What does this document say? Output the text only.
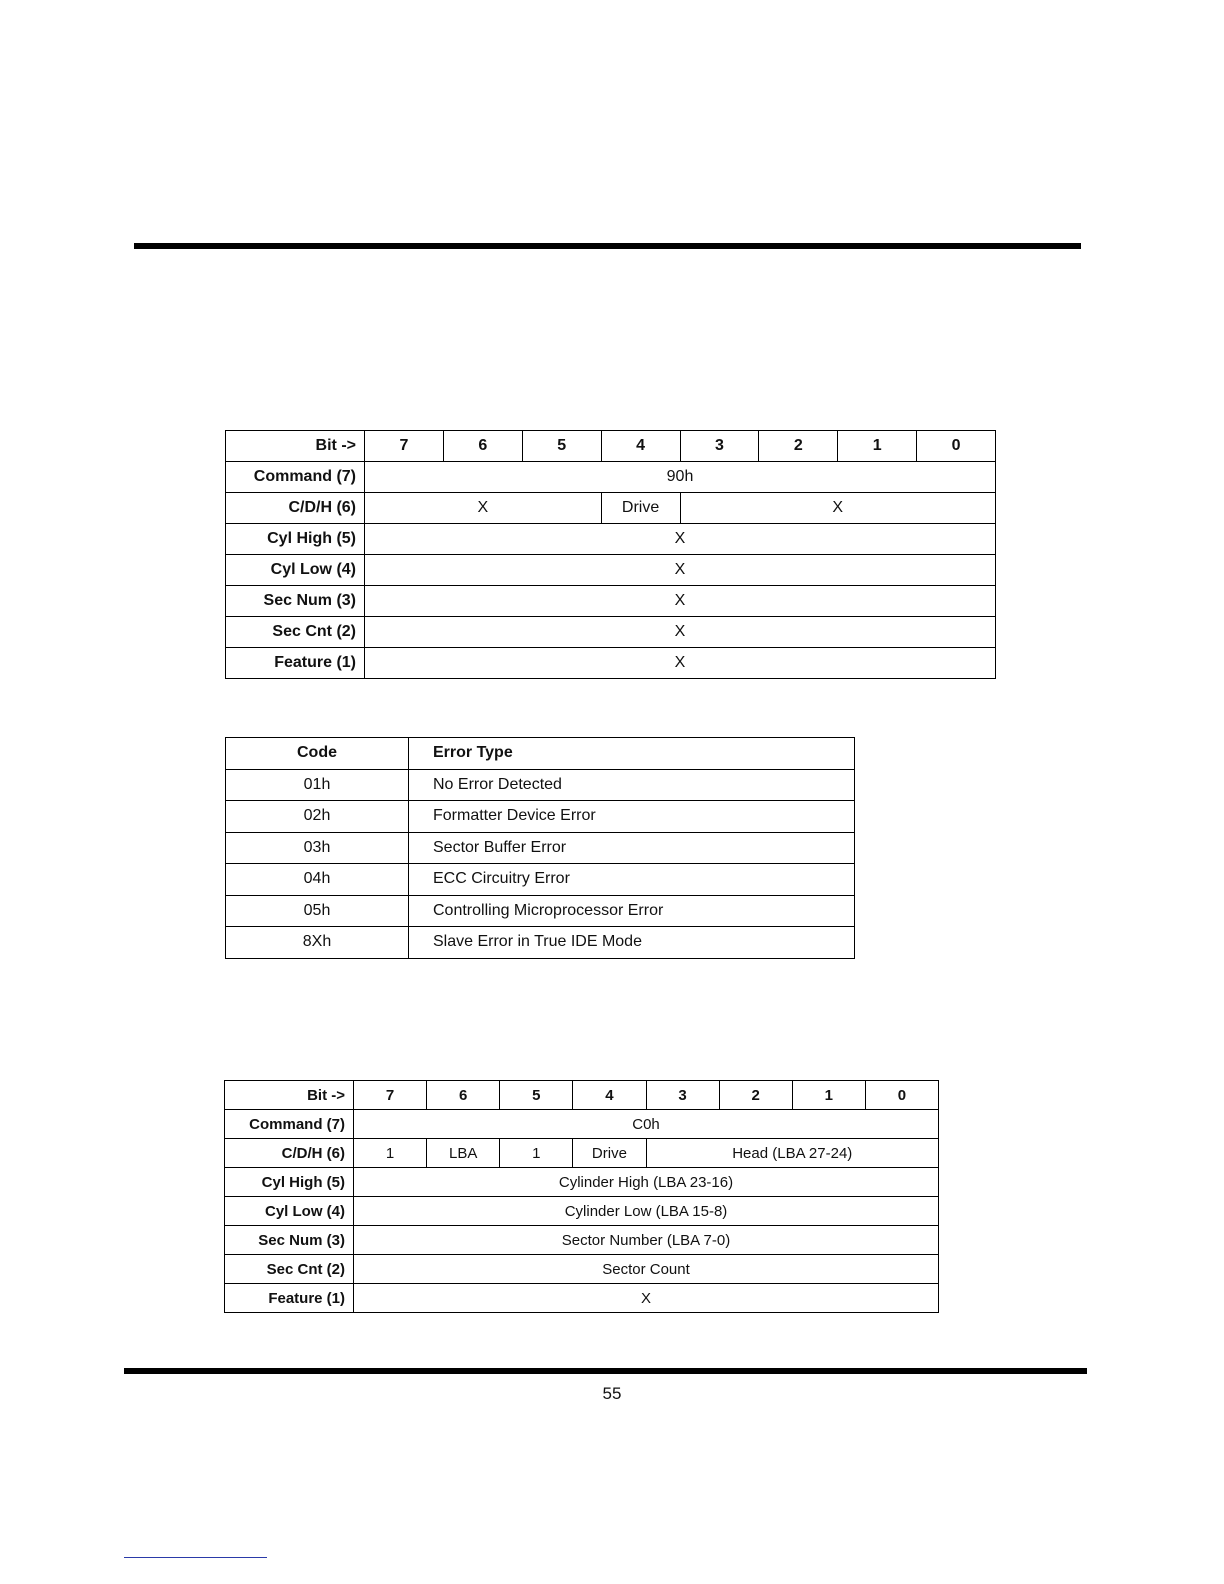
Bit ->	7	6	5	4	3	2	1	0
Command (7)	90h							
C/D/H (6)	X			Drive	X			
Cyl High (5)	X							
Cyl Low (4)	X							
Sec Num (3)	X							
Sec Cnt (2)	X							
Feature (1)	X							
Code	Error Type
01h	No Error Detected
02h	Formatter Device Error
03h	Sector Buffer Error
04h	ECC Circuitry Error
05h	Controlling Microprocessor Error
8Xh	Slave Error in True IDE Mode
Bit ->	7	6	5	4	3	2	1	0
Command (7)	C0h							
C/D/H (6)	1	LBA	1	Drive	Head (LBA 27-24)			
Cyl High (5)	Cylinder High (LBA 23-16)							
Cyl Low (4)	Cylinder Low (LBA 15-8)							
Sec Num (3)	Sector Number (LBA 7-0)							
Sec Cnt (2)	Sector Count							
Feature (1)	X							
55
